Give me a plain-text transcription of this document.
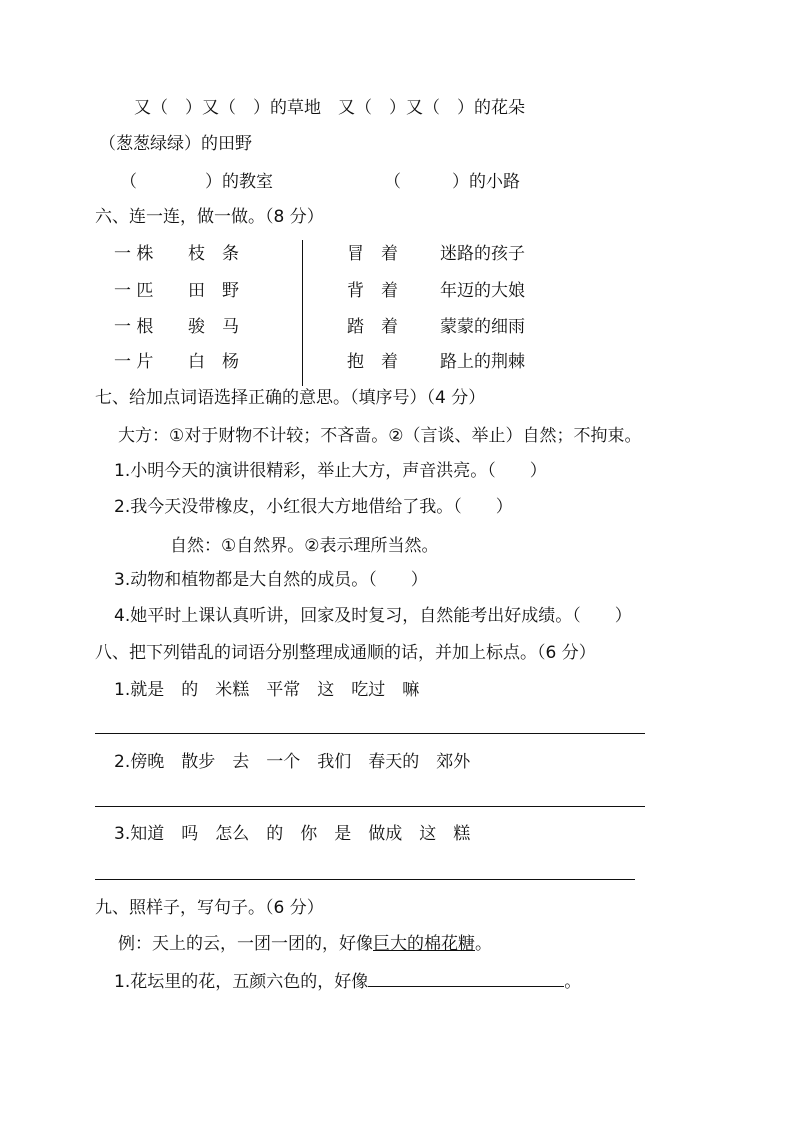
又（　）又（　）的草地　又（　）又（　）的花朵
（葱葱绿绿）的田野
（　　　　）的教室	（　　　）的小路
六、连一连，做一做。（8 分）
一 株 枝　条
一 匹 田　野
一 根 骏　马
一 片 白　杨
冒　着 迷路的孩子
背　着 年迈的大娘
踏　着 蒙蒙的细雨
抱　着 路上的荆棘
七、给加点词语选择正确的意思。（填序号）（4 分）
大方：①对于财物不计较；不吝啬。②（言谈、举止）自然；不拘束。
1.小明今天的演讲很精彩，举止大方，声音洪亮。（　　）
2.我今天没带橡皮，小红很大方地借给了我。（　　）
自然：①自然界。②表示理所当然。
3.动物和植物都是大自然的成员。（　　）
4.她平时上课认真听讲，回家及时复习，自然能考出好成绩。（　　）
八、把下列错乱的词语分别整理成通顺的话，并加上标点。（6 分）
1.就是　的　米糕　平常　这　吃过　嘛
2.傍晚　散步　去　一个　我们　春天的　郊外
3.知道　吗　怎么　的　你　是　做成　这　糕
九、照样子，写句子。（6 分）
例：天上的云，一团一团的，好像巨大的棉花糖。
1.花坛里的花，五颜六色的，好像	。
